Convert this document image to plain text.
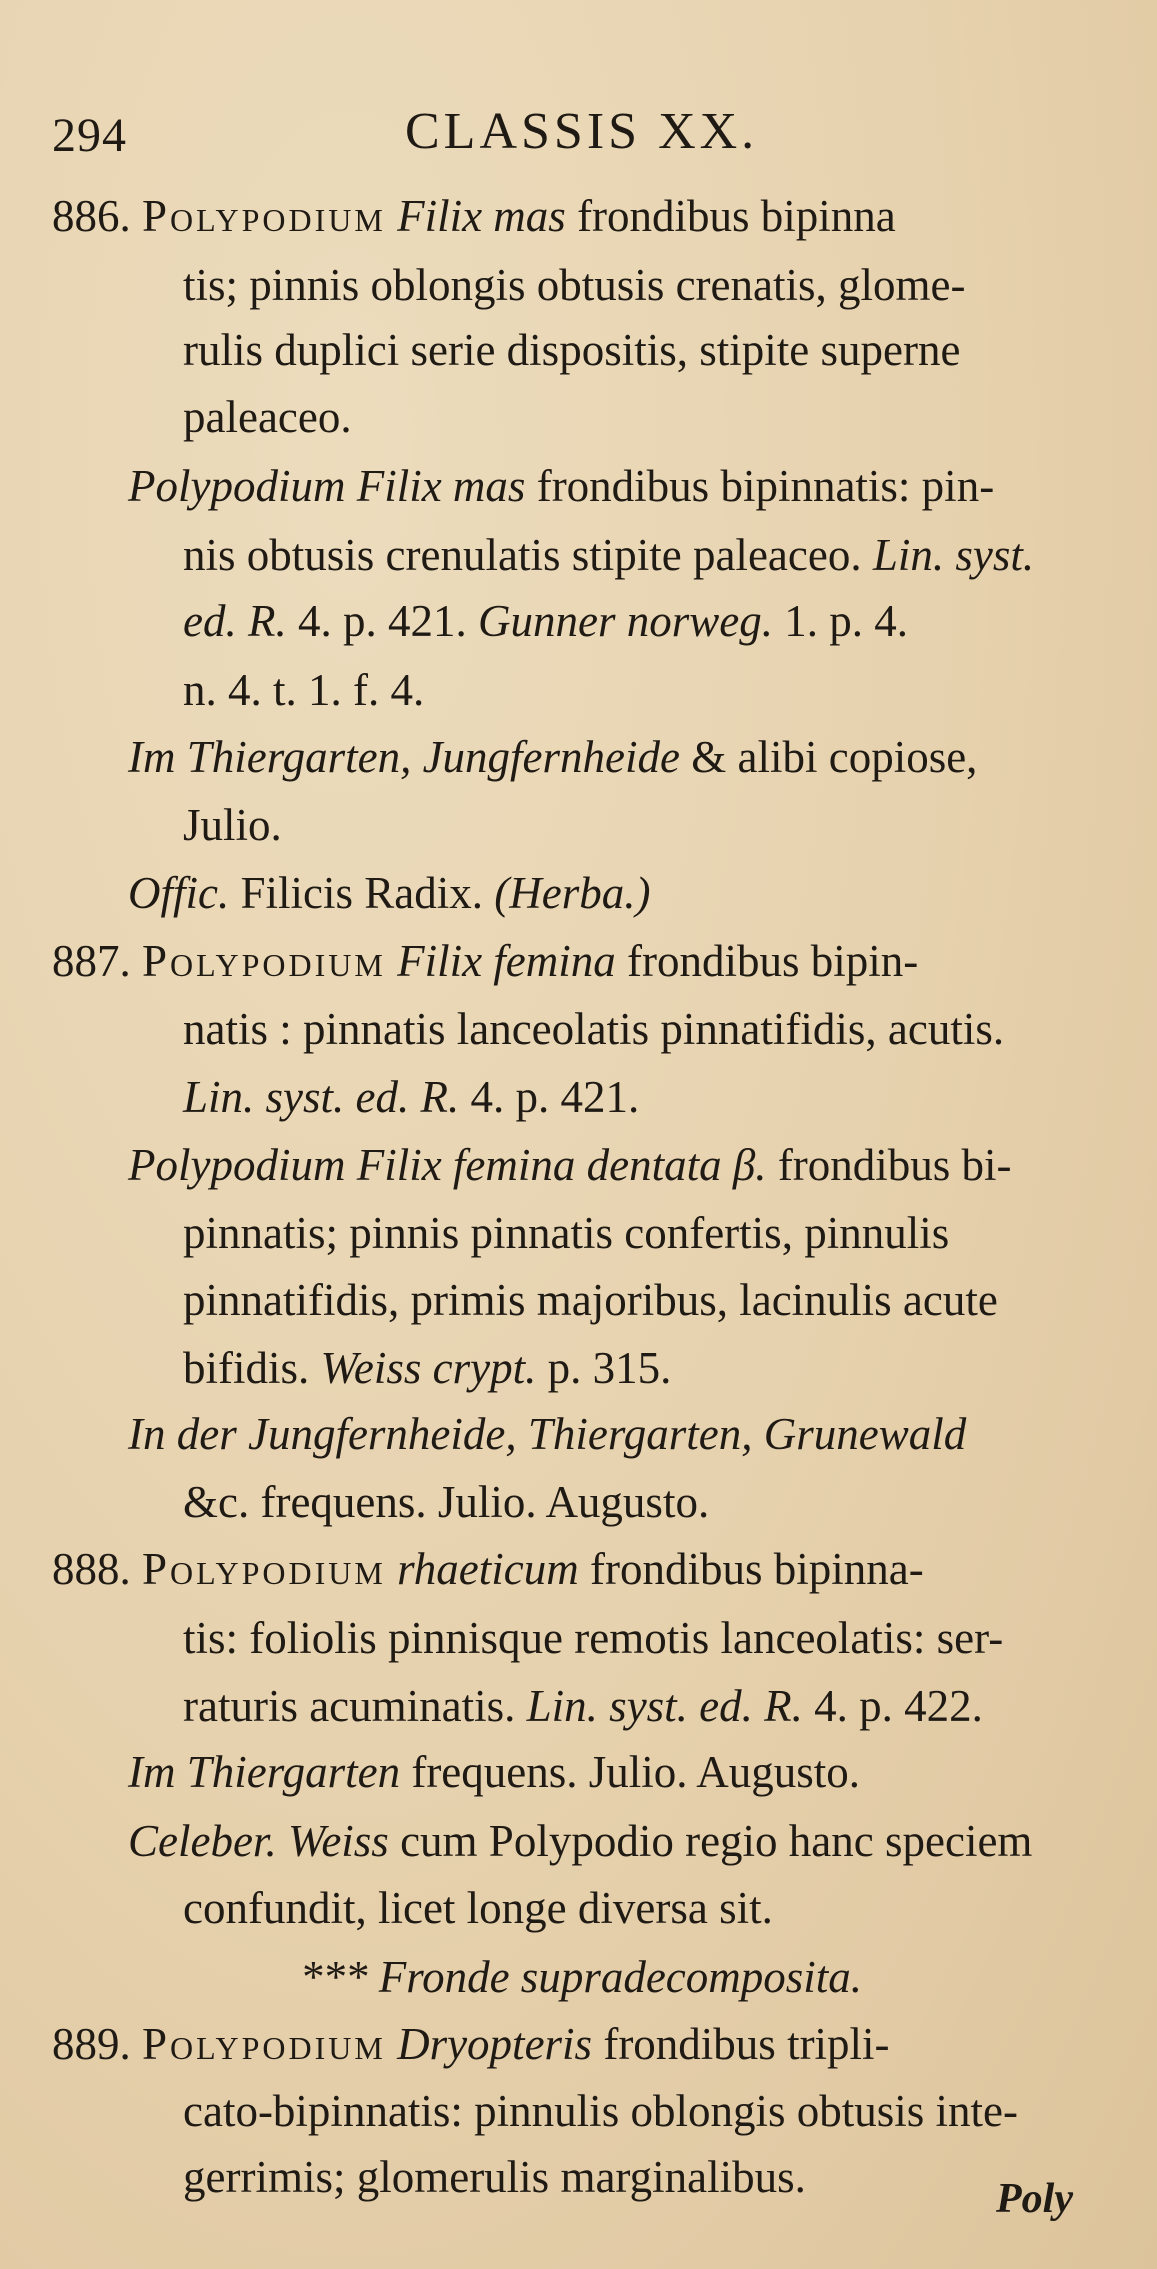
294	CLASSIS XX.
886. Polypodium Filix mas frondibus bipinna
tis; pinnis oblongis obtusis crenatis, glome-
rulis duplici serie dispositis, stipite superne
paleaceo.
Polypodium Filix mas frondibus bipinnatis: pin-
nis obtusis crenulatis stipite paleaceo. Lin. syst.
ed. R. 4. p. 421. Gunner norweg. 1. p. 4.
n. 4. t. 1. f. 4.
Im Thiergarten, Jungfernheide & alibi copiose,
Julio.
Offic. Filicis Radix. (Herba.)
887. Polypodium Filix femina frondibus bipin-
natis : pinnatis lanceolatis pinnatifidis, acutis.
Lin. syst. ed. R. 4. p. 421.
Polypodium Filix femina dentata β. frondibus bi-
pinnatis; pinnis pinnatis confertis, pinnulis
pinnatifidis, primis majoribus, lacinulis acute
bifidis. Weiss crypt. p. 315.
In der Jungfernheide, Thiergarten, Grunewald
&c. frequens. Julio. Augusto.
888. Polypodium rhaeticum frondibus bipinna-
tis: foliolis pinnisque remotis lanceolatis: ser-
raturis acuminatis. Lin. syst. ed. R. 4. p. 422.
Im Thiergarten frequens. Julio. Augusto.
Celeber. Weiss cum Polypodio regio hanc speciem
confundit, licet longe diversa sit.
*** Fronde supradecomposita.
889. Polypodium Dryopteris frondibus tripli-
cato-bipinnatis: pinnulis oblongis obtusis inte-
gerrimis; glomerulis marginalibus.	Poly
